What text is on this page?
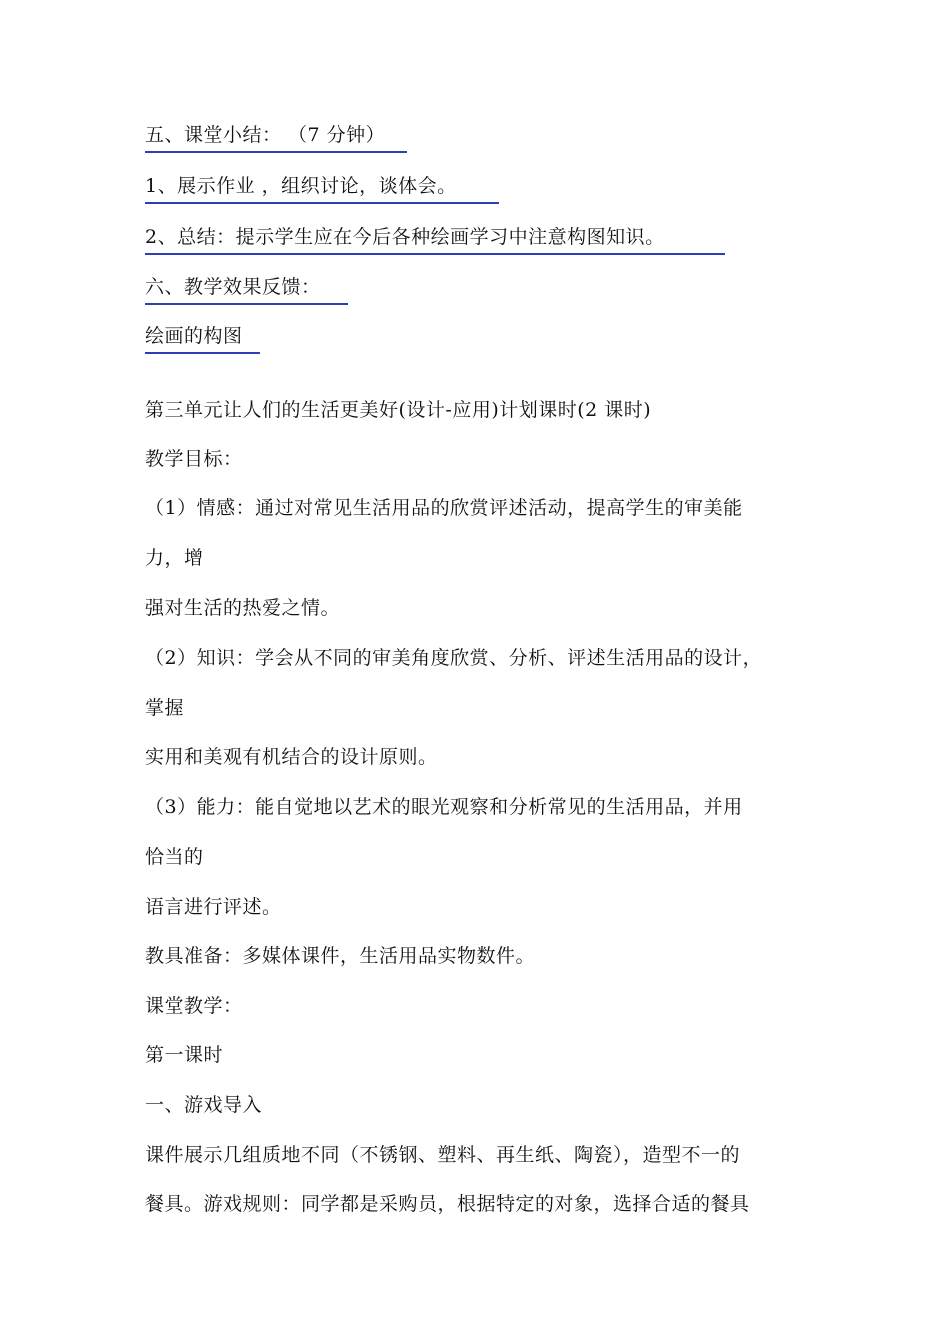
五、课堂小结： （7 分钟）
1、展示作业 ，组织讨论，谈体会。
2、总结：提示学生应在今后各种绘画学习中注意构图知识。
六、教学效果反馈：
绘画的构图
第三单元让人们的生活更美好(设计-应用)计划课时(2 课时)
教学目标：
（1）情感：通过对常见生活用品的欣赏评述活动，提高学生的审美能
力，增
强对生活的热爱之情。
（2）知识：学会从不同的审美角度欣赏、分析、评述生活用品的设计，
掌握
实用和美观有机结合的设计原则。
（3）能力：能自觉地以艺术的眼光观察和分析常见的生活用品，并用
恰当的
语言进行评述。
教具准备：多媒体课件，生活用品实物数件。
课堂教学：
第一课时
一、游戏导入
课件展示几组质地不同（不锈钢、塑料、再生纸、陶瓷），造型不一的
餐具。游戏规则：同学都是采购员，根据特定的对象，选择合适的餐具
